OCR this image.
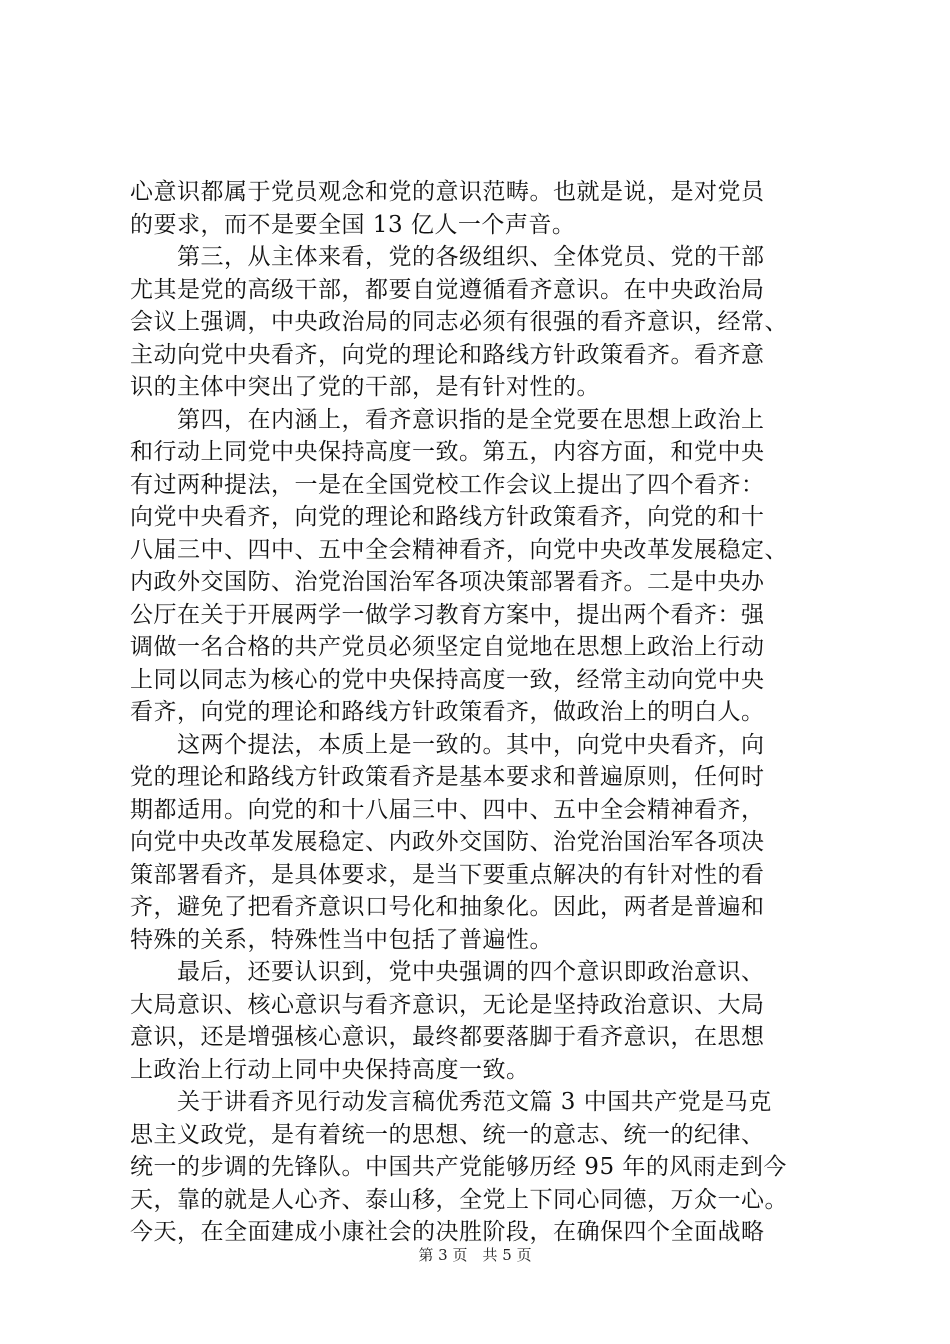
心意识都属于党员观念和党的意识范畴。也就是说，是对党员
的要求，而不是要全国 13 亿人一个声音。
　　第三，从主体来看，党的各级组织、全体党员、党的干部
尤其是党的高级干部，都要自觉遵循看齐意识。在中央政治局
会议上强调，中央政治局的同志必须有很强的看齐意识，经常、
主动向党中央看齐，向党的理论和路线方针政策看齐。看齐意
识的主体中突出了党的干部，是有针对性的。
　　第四，在内涵上，看齐意识指的是全党要在思想上政治上
和行动上同党中央保持高度一致。第五，内容方面，和党中央
有过两种提法，一是在全国党校工作会议上提出了四个看齐：
向党中央看齐，向党的理论和路线方针政策看齐，向党的和十
八届三中、四中、五中全会精神看齐，向党中央改革发展稳定、
内政外交国防、治党治国治军各项决策部署看齐。二是中央办
公厅在关于开展两学一做学习教育方案中，提出两个看齐：强
调做一名合格的共产党员必须坚定自觉地在思想上政治上行动
上同以同志为核心的党中央保持高度一致，经常主动向党中央
看齐，向党的理论和路线方针政策看齐，做政治上的明白人。
　　这两个提法，本质上是一致的。其中，向党中央看齐，向
党的理论和路线方针政策看齐是基本要求和普遍原则，任何时
期都适用。向党的和十八届三中、四中、五中全会精神看齐，
向党中央改革发展稳定、内政外交国防、治党治国治军各项决
策部署看齐，是具体要求，是当下要重点解决的有针对性的看
齐，避免了把看齐意识口号化和抽象化。因此，两者是普遍和
特殊的关系，特殊性当中包括了普遍性。
　　最后，还要认识到，党中央强调的四个意识即政治意识、
大局意识、核心意识与看齐意识，无论是坚持政治意识、大局
意识，还是增强核心意识，最终都要落脚于看齐意识，在思想
上政治上行动上同中央保持高度一致。
　　关于讲看齐见行动发言稿优秀范文篇 3 中国共产党是马克
思主义政党，是有着统一的思想、统一的意志、统一的纪律、
统一的步调的先锋队。中国共产党能够历经 95 年的风雨走到今
天，靠的就是人心齐、泰山移，全党上下同心同德，万众一心。
今天，在全面建成小康社会的决胜阶段，在确保四个全面战略
第 3 页　共 5 页
